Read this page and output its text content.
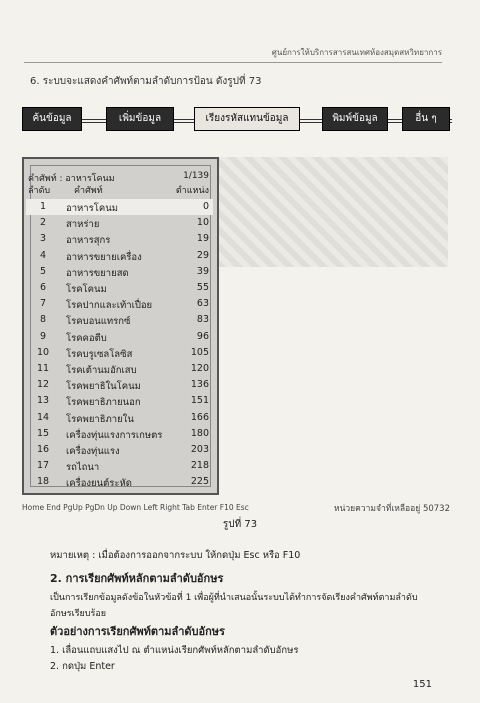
ศูนย์การให้บริการสารสนเทศห้องสมุดสหวิทยาการ
6. ระบบจะแสดงคำศัพท์ตามลำดับการป้อน ดังรูปที่ 73
ค้นข้อมูล	เพิ่มข้อมูล	เรียงรหัสแทนข้อมูล	พิมพ์ข้อมูล	อื่น ๆ
คำศัพท์ : อาหารโคนม	1/139
ลำดับ	คำศัพท์	ตำแหน่ง
1	อาหารโคนม	0
2	สาหร่าย	10
3	อาหารสุกร	19
4	อาหารขยายเครื่อง	29
5	อาหารขยายสด	39
6	โรคโคนม	55
7	โรคปากและเท้าเปื่อย	63
8	โรคบอนแทรกซ์	83
9	โรคคอตีบ	96
10 โรคบรูเซลโลซิส	105
11 โรคเต้านมอักเสบ	120
12 โรคพยาธิในโคนม	136
13 โรคพยาธิภายนอก	151
14 โรคพยาธิภายใน	166
15 เครื่องทุ่นแรงการเกษตร	180
16 เครื่องทุ่นแรง	203
17 รถไถนา	218
18 เครื่องยนต์ระหัด	225
Home End PgUp PgDn Up Down Left Right Tab Enter F10 Esc	หน่วยความจำที่เหลืออยู่ 50732
รูปที่ 73
หมายเหตุ : เมื่อต้องการออกจากระบบ ให้กดปุ่ม Esc หรือ F10
2. การเรียกศัพท์หลักตามลำดับอักษร
เป็นการเรียกข้อมูลดังข้อในหัวข้อที่ 1 เพื่อผู้ที่นำเสนอนั้นระบบได้ทำการจัดเรียงคำศัพท์ตามลำดับอักษรเรียบร้อย
ตัวอย่างการเรียกศัพท์ตามลำดับอักษร
1. เลื่อนแถบแสงไป ณ ตำแหน่งเรียกศัพท์หลักตามลำดับอักษร
2. กดปุ่ม Enter
151
